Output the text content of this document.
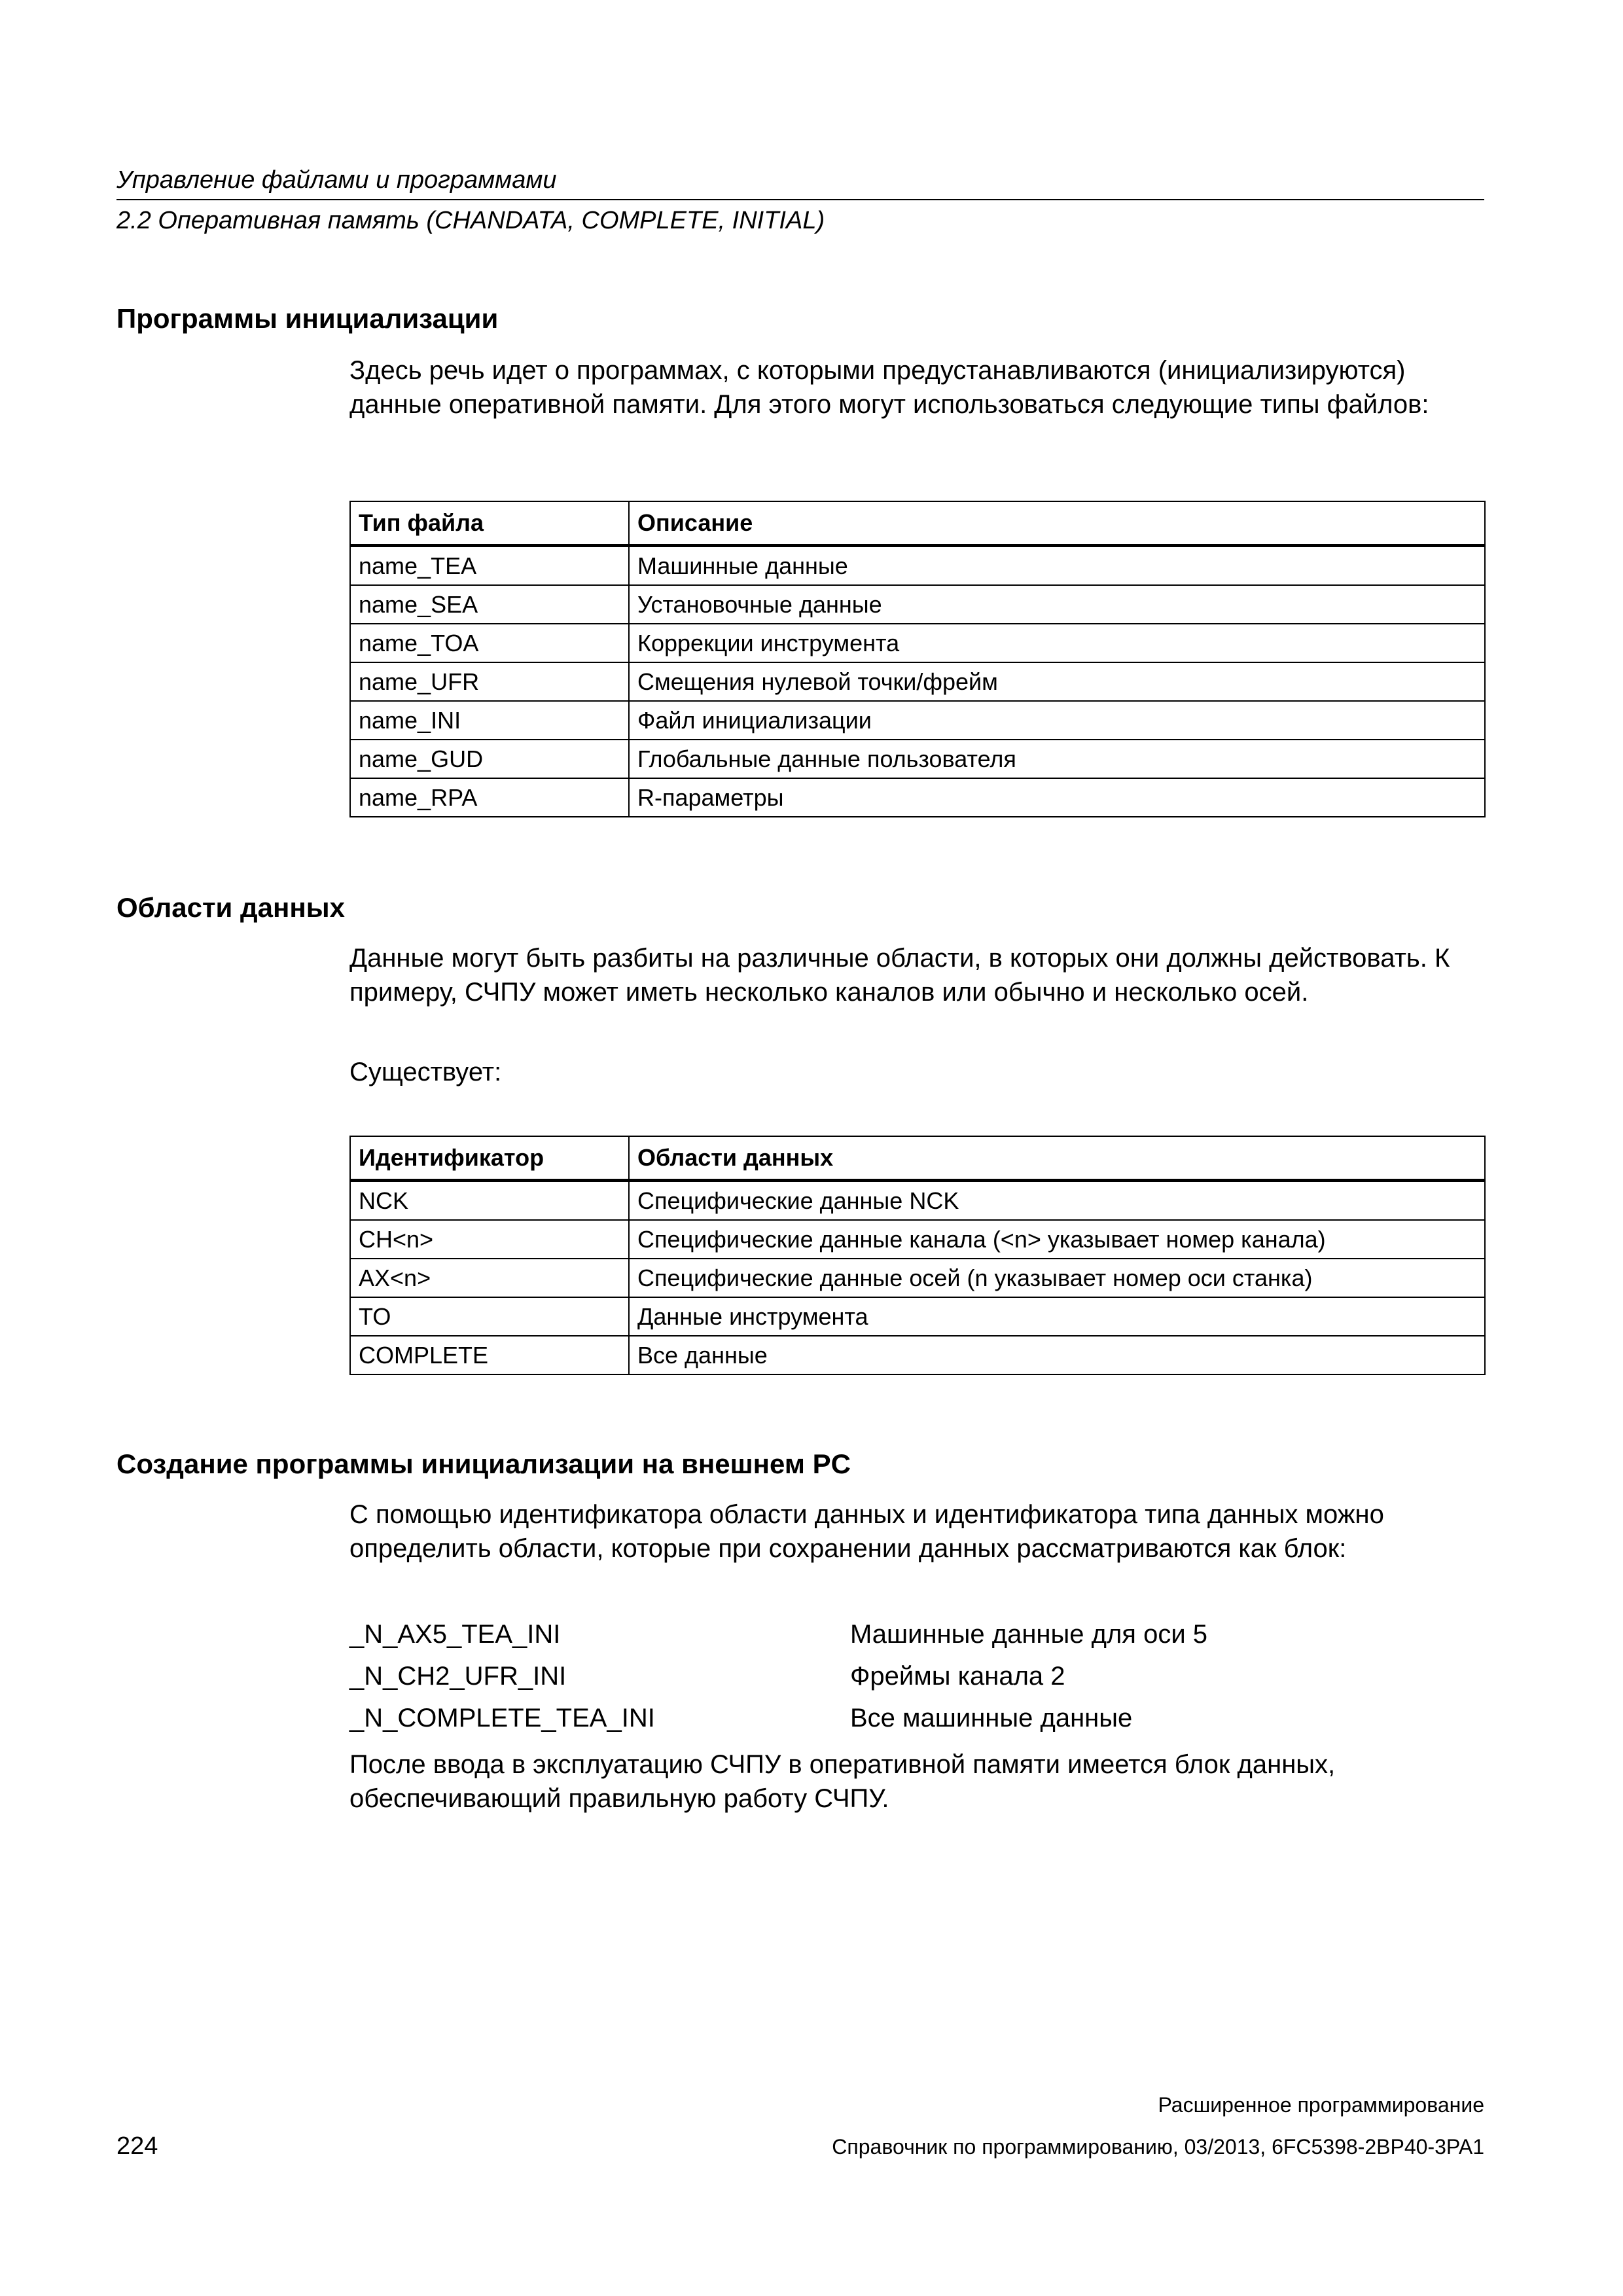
Управление файлами и программами
2.2 Оперативная память (CHANDATA, COMPLETE, INITIAL)
Программы инициализации

Здесь речь идет о программах, с которыми предустанавливаются (инициализируются) данные оперативной памяти. Для этого могут использоваться следующие типы файлов:

Тип файла	Описание
name_TEA	Машинные данные
name_SEA	Установочные данные
name_TOA	Коррекции инструмента
name_UFR	Смещения нулевой точки/фрейм
name_INI	Файл инициализации
name_GUD	Глобальные данные пользователя
name_RPA	R-параметры
Области данных

Данные могут быть разбиты на различные области, в которых они должны действовать. К примеру, СЧПУ может иметь несколько каналов или обычно и несколько осей.

Существует:

Идентификатор	Области данных
NCK	Специфические данные NCK
CH<n>	Специфические данные канала (<n> указывает номер канала)
AX<n>	Специфические данные осей (n указывает номер оси станка)
TO	Данные инструмента
COMPLETE	Все данные
Создание программы инициализации на внешнем PC

С помощью идентификатора области данных и идентификатора типа данных можно определить области, которые при сохранении данных рассматриваются как блок:

_N_AX5_TEA_INI	Машинные данные для оси 5
_N_CH2_UFR_INI	Фреймы канала 2
_N_COMPLETE_TEA_INI	Все машинные данные

После ввода в эксплуатацию СЧПУ в оперативной памяти имеется блок данных, обеспечивающий правильную работу СЧПУ.

Расширенное программирование
224	Справочник по программированию, 03/2013, 6FC5398-2BP40-3PA1
